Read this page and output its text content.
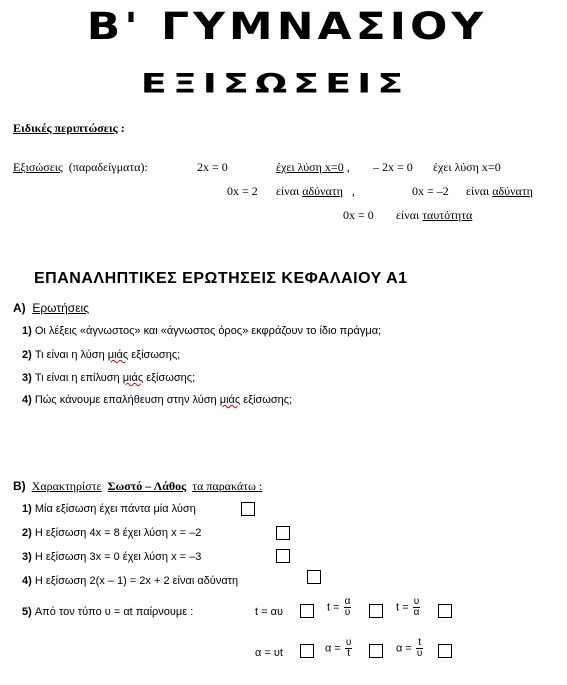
Β' ΓΥΜΝΑΣΙΟΥ
ΕΞΙΣΩΣΕΙΣ
Ειδικές περιπτώσεις :
Εξισώσεις (παραδείγματα):	2x = 0	έχει λύση x=0 , – 2x = 0 έχει λύση x=0
0x = 2 είναι αδύνατη ,	0x = –2 είναι αδύνατη
0x = 0 είναι ταυτότητα
ΕΠΑΝΑΛΗΠΤΙΚΕΣ ΕΡΩΤΗΣΕΙΣ ΚΕΦΑΛΑΙΟΥ Α1
Α) Ερωτήσεις
1) Οι λέξεις «άγνωστος» και «άγνωστος όρος» εκφράζουν το ίδιο πράγμα;
2) Τι είναι η λύση μιάς εξίσωσης;
3) Τι είναι η επίλυση μιάς εξίσωσης;
4) Πώς κάνουμε επαλήθευση στην λύση μιάς εξίσωσης;
Β) Χαρακτηρίστε Σωστό – Λάθος τα παρακάτω :
1) Μία εξίσωση έχει πάντα μία λύση
2) Η εξίσωση 4x = 8 έχει λύση x = –2
3) Η εξίσωση 3x = 0 έχει λύση x = –3
4) Η εξίσωση 2(x – 1) = 2x + 2 είναι αδύνατη
5) Από τον τύπο υ = αt παίρνουμε :	t = αυ	$t = \frac{\alpha}{\upsilon}$	$t = \frac{\upsilon}{\alpha}$
α = υt	$\alpha = \frac{\upsilon}{t}$	$\alpha = \frac{t}{\upsilon}$
